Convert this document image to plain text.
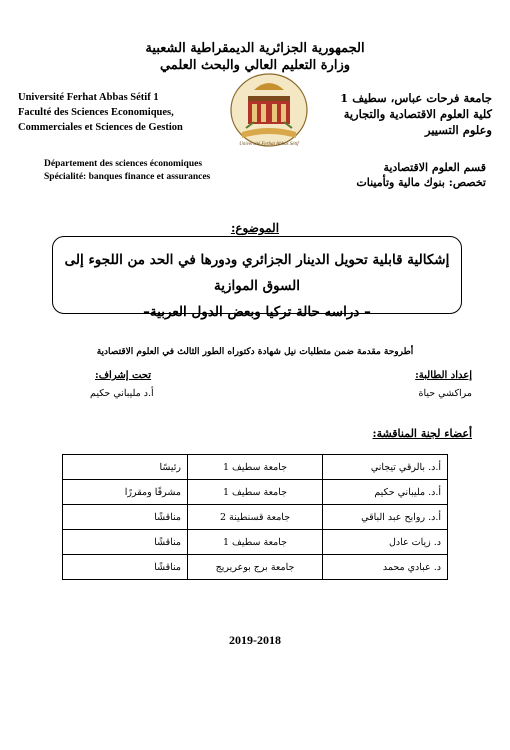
الجمهورية الجزائرية الديمقراطية الشعبية
وزارة التعليم العالي والبحث العلمي
Université Ferhat Abbas Sétif 1
Faculté des Sciences Economiques,
Commerciales et Sciences de Gestion
Université Ferhat Abbas Sétif
جامعة فرحات عباس، سطيف 1
كلية العلوم الاقتصادية والتجارية
وعلوم التسيير
Département des sciences économiques
Spécialité: banques finance et assurances
قسم العلوم الاقتصادية
تخصص: بنوك مالية وتأمينات
الموضوع:
إشكالية قابلية تحويل الدينار الجزائري ودورها في الحد من اللجوء إلى السوق الموازية
– دراسه حالة تركيا وبعض الدول العربية–
أطروحة مقدمة ضمن متطلبات نيل شهادة دكتوراه الطور الثالث في العلوم الاقتصادية
إعداد الطالبة:
مراكشي حياة
تحت إشراف:
أ.د مليباني حكيم
أعضاء لجنة المناقشة:
أ.د. بالرقي تيجاني	جامعة سطيف 1	رئيسًا
أ.د. مليباني حكيم	جامعة سطيف 1	مشرفًا ومقررًا
أ.د. روابح عبد الباقي	جامعة قسنطينة 2	مناقشًا
د. زيات عادل	جامعة سطيف 1	مناقشًا
د. عبادي محمد	جامعة برج بوعريريج	مناقشًا
2019-2018
